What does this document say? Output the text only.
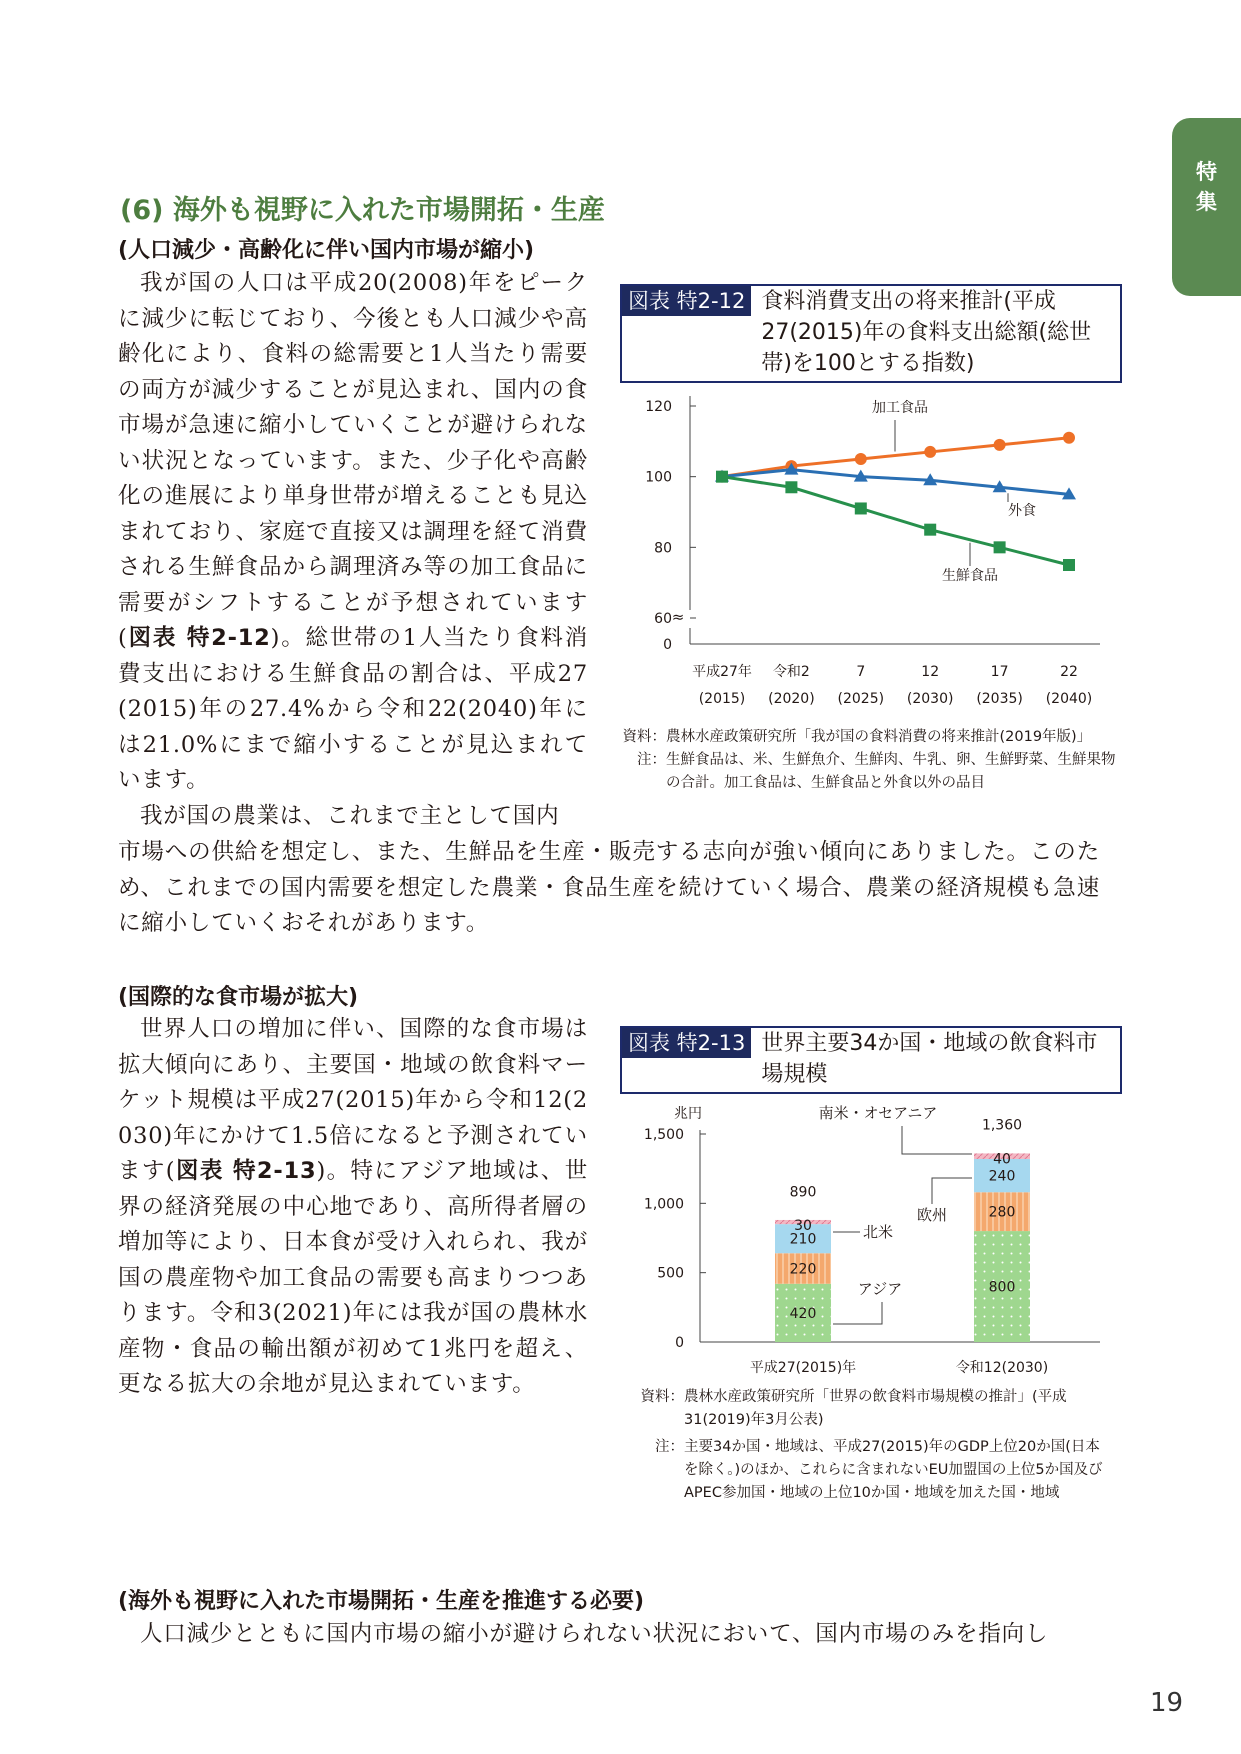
特集
(6) 海外も視野に入れた市場開拓・生産
(人口減少・高齢化に伴い国内市場が縮小)
我が国の人口は平成20(2008)年をピークに減少に転じており、今後とも人口減少や高齢化により、食料の総需要と1人当たり需要の両方が減少することが見込まれ、国内の食市場が急速に縮小していくことが避けられない状況となっています。また、少子化や高齢化の進展により単身世帯が増えることも見込まれており、家庭で直接又は調理を経て消費される生鮮食品から調理済み等の加工食品に需要がシフトすることが予想されています(図表 特2-12)。総世帯の1人当たり食料消費支出における生鮮食品の割合は、平成27(2015)年の27.4%から令和22(2040)年には21.0%にまで縮小することが見込まれています。
我が国の農業は、これまで主として国内
市場への供給を想定し、また、生鮮品を生産・販売する志向が強い傾向にありました。このため、これまでの国内需要を想定した農業・食品生産を続けていく場合、農業の経済規模も急速に縮小していくおそれがあります。
図表 特2-12 食料消費支出の将来推計(平成27(2015)年の食料支出総額(総世帯)を100とする指数)
≈
60
80
100
120
0
平成27年
(2015)
令和2
(2020)
7
(2025)
12
(2030)
17
(2035)
22
(2040)
加工食品
外食
生鮮食品
資料： 農林水産政策研究所「我が国の食料消費の将来推計(2019年版)」
注： 生鮮食品は、米、生鮮魚介、生鮮肉、牛乳、卵、生鮮野菜、生鮮果物の合計。加工食品は、生鮮食品と外食以外の品目
(国際的な食市場が拡大)
世界人口の増加に伴い、国際的な食市場は拡大傾向にあり、主要国・地域の飲食料マーケット規模は平成27(2015)年から令和12(2030)年にかけて1.5倍になると予測されています(図表 特2-13)。特にアジア地域は、世界の経済発展の中心地であり、高所得者層の増加等により、日本食が受け入れられ、我が国の農産物や加工食品の需要も高まりつつあります。令和3(2021)年には我が国の農林水産物・食品の輸出額が初めて1兆円を超え、更なる拡大の余地が見込まれています。
図表 特2-13 世界主要34か国・地域の飲食料市場規模
兆円
0
500
1,000
1,500
平成27(2015)年	令和12(2030)
420
220
210
30
890
800
280
240
40
1,360
南米・オセアニア
欧州
北米
アジア
資料： 農林水産政策研究所「世界の飲食料市場規模の推計」(平成31(2019)年3月公表)
注： 主要34か国・地域は、平成27(2015)年のGDP上位20か国(日本を除く。)のほか、これらに含まれないEU加盟国の上位5か国及びAPEC参加国・地域の上位10か国・地域を加えた国・地域
(海外も視野に入れた市場開拓・生産を推進する必要)
人口減少とともに国内市場の縮小が避けられない状況において、国内市場のみを指向し
19
